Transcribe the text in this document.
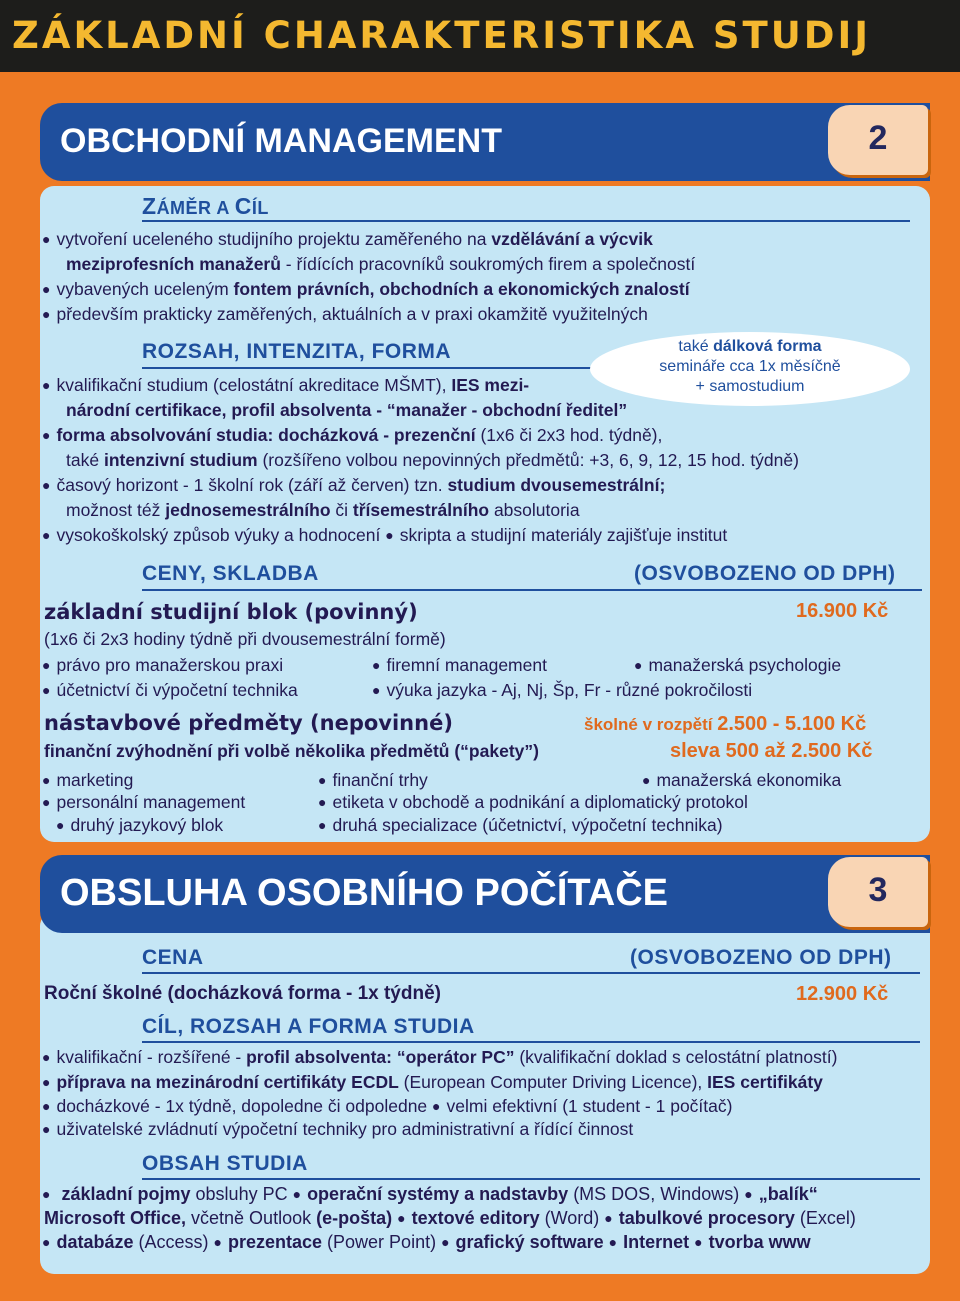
ZÁKLADNÍ CHARAKTERISTIKA STUDIJ
OBCHODNÍ MANAGEMENT	2
ZÁMĚR A CÍL
● vytvoření uceleného studijního projektu zaměřeného na vzdělávání a výcvik
meziprofesních manažerů - řídících pracovníků soukromých firem a společností
● vybavených uceleným fontem právních, obchodních a ekonomických znalostí
● především prakticky zaměřených, aktuálních a v praxi okamžitě využitelných
ROZSAH, INTENZITA, FORMA	také dálková forma
semináře cca 1x měsíčně
+ samostudium
● kvalifikační studium (celostátní akreditace MŠMT), IES mezi-
národní certifikace, profil absolventa - “manažer - obchodní ředitel”
● forma absolvování studia: docházková - prezenční (1x6 či 2x3 hod. týdně),
také intenzivní studium (rozšířeno volbou nepovinných předmětů: +3, 6, 9, 12, 15 hod. týdně)
● časový horizont - 1 školní rok (září až červen) tzn. studium dvousemestrální;
možnost též jednosemestrálního či třísemestrálního absolutoria
● vysokoškolský způsob výuky a hodnocení ● skripta a studijní materiály zajišťuje institut
CENY, SKLADBA	(OSVOBOZENO OD DPH)
základní studijní blok (povinný)	16.900 Kč
(1x6 či 2x3 hodiny týdně při dvousemestrální formě)
● právo pro manažerskou praxi	● firemní management	● manažerská psychologie
● účetnictví či výpočetní technika	● výuka jazyka - Aj, Nj, Šp, Fr - různé pokročilosti
nástavbové předměty (nepovinné)	školné v rozpětí 2.500 - 5.100 Kč
finanční zvýhodnění při volbě několika předmětů (“pakety”)	sleva 500 až 2.500 Kč
● marketing	● finanční trhy	● manažerská ekonomika
● personální management	● etiketa v obchodě a podnikání a diplomatický protokol
● druhý jazykový blok	● druhá specializace (účetnictví, výpočetní technika)
OBSLUHA OSOBNÍHO POČÍTAČE	3
CENA	(OSVOBOZENO OD DPH)
Roční školné (docházková forma - 1x týdně)	12.900 Kč
CÍL, ROZSAH A FORMA STUDIA
● kvalifikační - rozšířené - profil absolventa: “operátor PC” (kvalifikační doklad s celostátní platností)
● příprava na mezinárodní certifikáty ECDL (European Computer Driving Licence), IES certifikáty
● docházkové - 1x týdně, dopoledne či odpoledne ● velmi efektivní (1 student - 1 počítač)
● uživatelské zvládnutí výpočetní techniky pro administrativní a řídící činnost
OBSAH STUDIA
● základní pojmy obsluhy PC ● operační systémy a nadstavby (MS DOS, Windows) ● „balík“
Microsoft Office, včetně Outlook (e-pošta) ● textové editory (Word) ● tabulkové procesory (Excel)
● databáze (Access) ● prezentace (Power Point) ● grafický software ● Internet ● tvorba www
